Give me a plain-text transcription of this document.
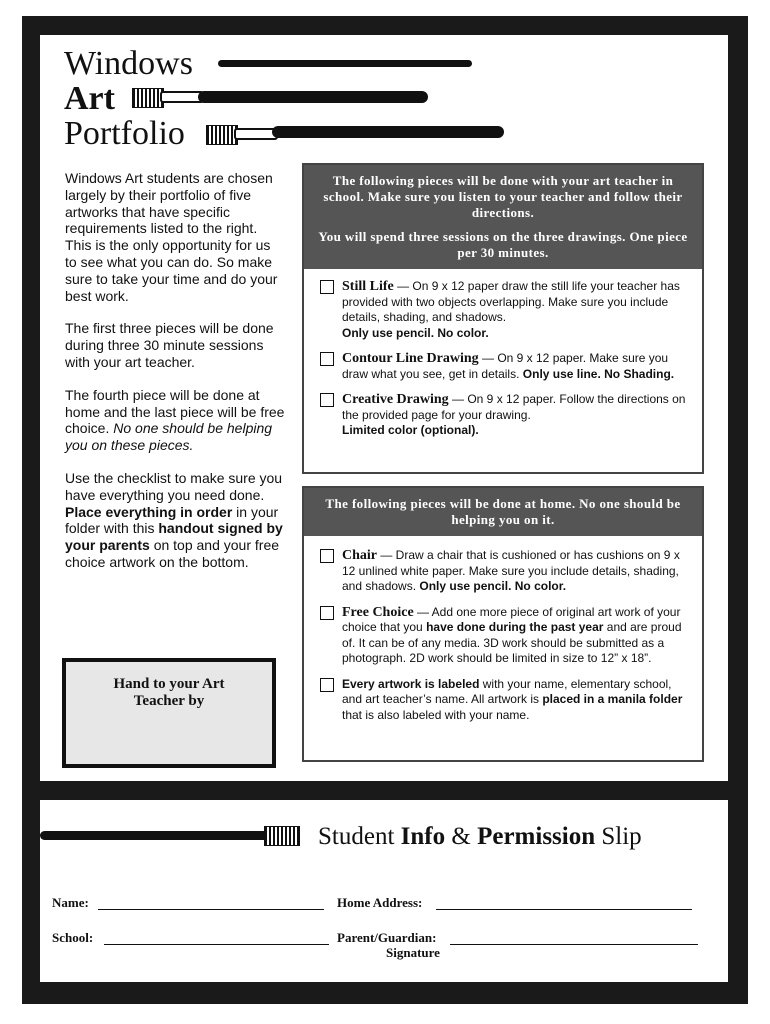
Windows
Art
Portfolio

Windows Art students are chosen largely by their portfolio of five artworks that have specific requirements listed to the right. This is the only opportunity for us to see what you can do. So make sure to take your time and do your best work.

The first three pieces will be done during three 30 minute sessions with your art teacher.

The fourth piece will be done at home and the last piece will be free choice. No one should be helping you on these pieces.

Use the checklist to make sure you have everything you need done. Place everything in order in your folder with this handout signed by your parents on top and your free choice artwork on the bottom.

The following pieces will be done with your art teacher in school. Make sure you listen to your teacher and follow their directions.

You will spend three sessions on the three drawings. One piece per 30 minutes.

Still Life — On 9 x 12 paper draw the still life your teacher has provided with two objects overlapping. Make sure you include details, shading, and shadows.
Only use pencil. No color.
Contour Line Drawing — On 9 x 12 paper. Make sure you draw what you see, get in details. Only use line. No Shading.
Creative Drawing — On 9 x 12 paper. Follow the directions on the provided page for your drawing.
Limited color (optional).

The following pieces will be done at home. No one should be helping you on it.

Chair — Draw a chair that is cushioned or has cushions on 9 x 12 unlined white paper. Make sure you include details, shading, and shadows. Only use pencil. No color.
Free Choice — Add one more piece of original art work of your choice that you have done during the past year and are proud of. It can be of any media. 3D work should be submitted as a photograph. 2D work should be limited in size to 12” x 18”.
Every artwork is labeled with your name, elementary school, and art teacher’s name. All artwork is placed in a manila folder that is also labeled with your name.
Hand to your Art
Teacher by
Student Info & Permission Slip
Name:	Home Address:
School:	Parent/Guardian:
Signature
